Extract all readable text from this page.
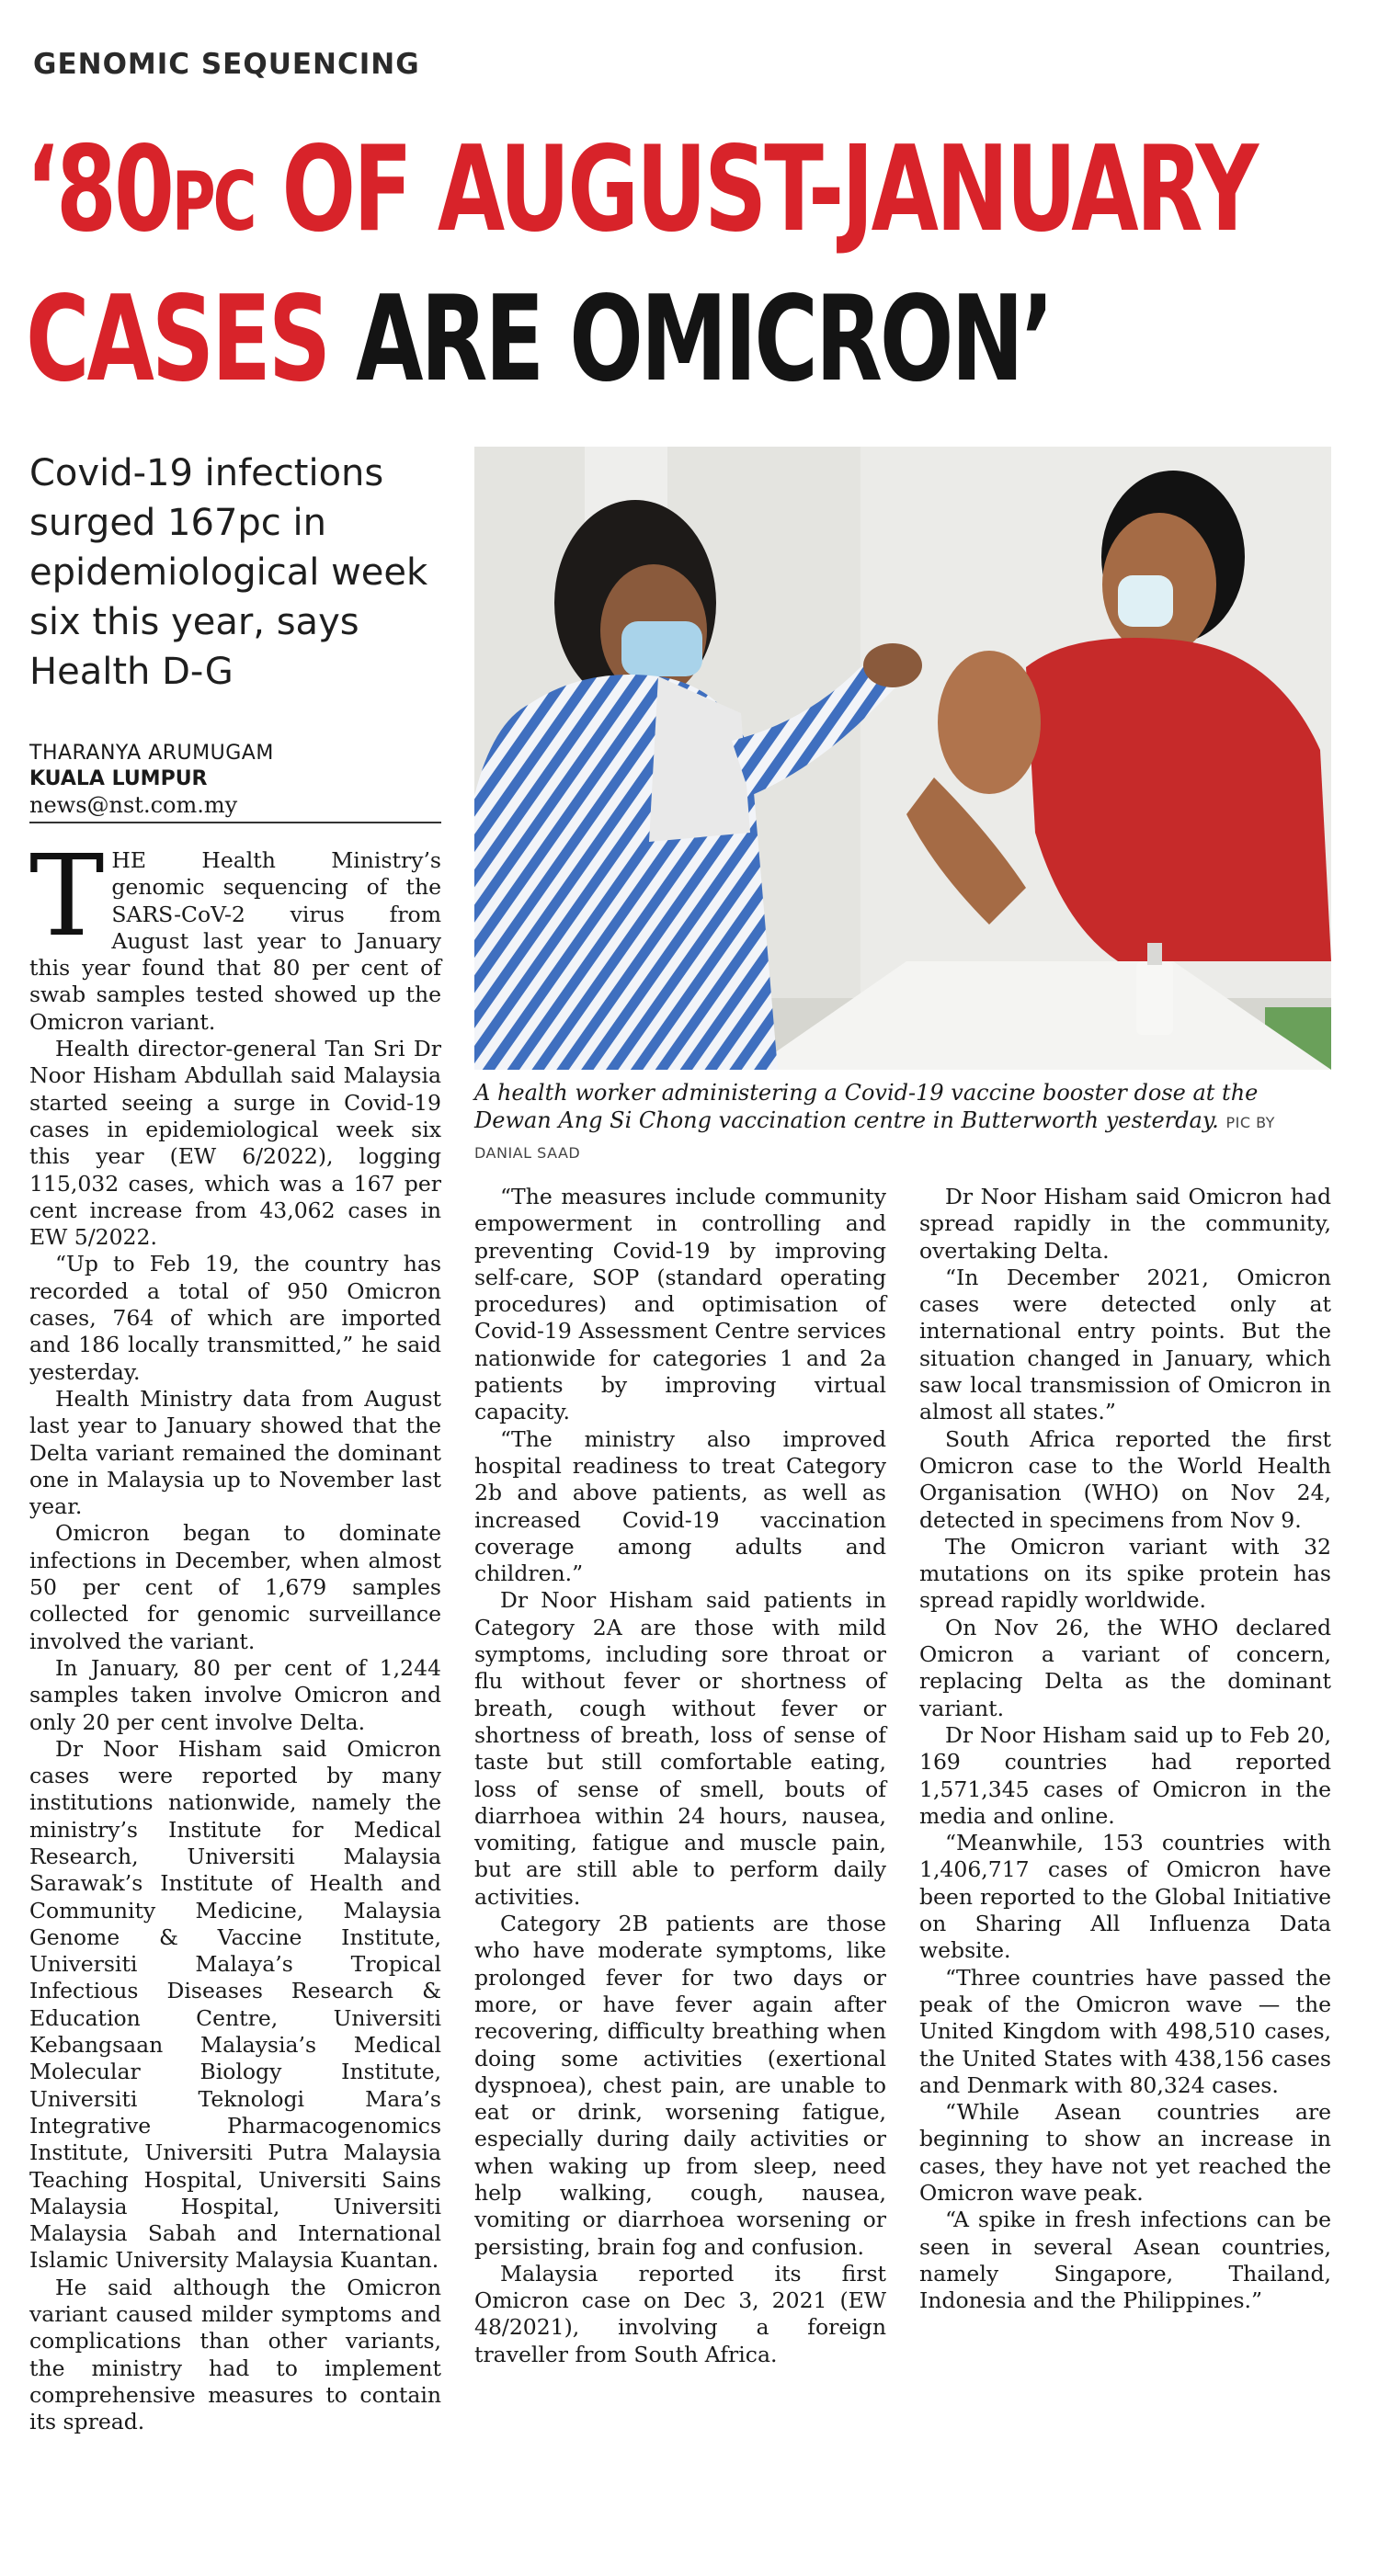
GENOMIC SEQUENCING
‘80PC OF AUGUST-JANUARY
CASES ARE OMICRON’
Covid-19 infections surged 167pc in epidemiological week six this year, says Health D-G
THARANYA ARUMUGAM
KUALA LUMPUR
news@nst.com.my
A health worker administering a Covid-19 vaccine booster dose at the Dewan Ang Si Chong vaccination centre in Butterworth yesterday. PIC BY DANIAL SAAD

THE Health Ministry’s genomic sequencing of the SARS-CoV-2 virus from August last year to January this year found that 80 per cent of swab samples tested showed up the Omicron variant.

Health director-general Tan Sri Dr Noor Hisham Abdullah said Malaysia started seeing a surge in Covid-19 cases in epidemiological week six this year (EW 6/2022), logging 115,032 cases, which was a 167 per cent increase from 43,062 cases in EW 5/2022.

“Up to Feb 19, the country has recorded a total of 950 Omicron cases, 764 of which are imported and 186 locally transmitted,” he said yesterday.

Health Ministry data from August last year to January showed that the Delta variant remained the dominant one in Malaysia up to November last year.

Omicron began to dominate infections in December, when almost 50 per cent of 1,679 samples collected for genomic surveillance involved the variant.

In January, 80 per cent of 1,244 samples taken involve Omicron and only 20 per cent involve Delta.

Dr Noor Hisham said Omicron cases were reported by many institutions nationwide, namely the ministry’s Institute for Medical Research, Universiti Malaysia Sarawak’s Institute of Health and Community Medicine, Malaysia Genome & Vaccine Institute, Universiti Malaya’s Tropical Infectious Diseases Research & Education Centre, Universiti Kebangsaan Malaysia’s Medical Molecular Biology Institute, Universiti Teknologi Mara’s Integrative Pharmacogenomics Institute, Universiti Putra Malaysia Teaching Hospital, Universiti Sains Malaysia Hospital, Universiti Malaysia Sabah and International Islamic University Malaysia Kuantan.

He said although the Omicron variant caused milder symptoms and complications than other variants, the ministry had to implement comprehensive measures to contain its spread.

“The measures include community empowerment in controlling and preventing Covid-19 by improving self-care, SOP (standard operating procedures) and optimisation of Covid-19 Assessment Centre services nationwide for categories 1 and 2a patients by improving virtual capacity.

“The ministry also improved hospital readiness to treat Category 2b and above patients, as well as increased Covid-19 vaccination coverage among adults and children.”

Dr Noor Hisham said patients in Category 2A are those with mild symptoms, including sore throat or flu without fever or shortness of breath, cough without fever or shortness of breath, loss of sense of taste but still comfortable eating, loss of sense of smell, bouts of diarrhoea within 24 hours, nausea, vomiting, fatigue and muscle pain, but are still able to perform daily activities.

Category 2B patients are those who have moderate symptoms, like prolonged fever for two days or more, or have fever again after recovering, difficulty breathing when doing some activities (exertional dyspnoea), chest pain, are unable to eat or drink, worsening fatigue, especially during daily activities or when waking up from sleep, need help walking, cough, nausea, vomiting or diarrhoea worsening or persisting, brain fog and confusion.

Malaysia reported its first Omicron case on Dec 3, 2021 (EW 48/2021), involving a foreign traveller from South Africa.

Dr Noor Hisham said Omicron had spread rapidly in the community, overtaking Delta.

“In December 2021, Omicron cases were detected only at international entry points. But the situation changed in January, which saw local transmission of Omicron in almost all states.”

South Africa reported the first Omicron case to the World Health Organisation (WHO) on Nov 24, detected in specimens from Nov 9.

The Omicron variant with 32 mutations on its spike protein has spread rapidly worldwide.

On Nov 26, the WHO declared Omicron a variant of concern, replacing Delta as the dominant variant.

Dr Noor Hisham said up to Feb 20, 169 countries had reported 1,571,345 cases of Omicron in the media and online.

“Meanwhile, 153 countries with 1,406,717 cases of Omicron have been reported to the Global Initiative on Sharing All Influenza Data website.

“Three countries have passed the peak of the Omicron wave — the United Kingdom with 498,510 cases, the United States with 438,156 cases and Denmark with 80,324 cases.

“While Asean countries are beginning to show an increase in cases, they have not yet reached the Omicron wave peak.

“A spike in fresh infections can be seen in several Asean countries, namely Singapore, Thailand, Indonesia and the Philippines.”
